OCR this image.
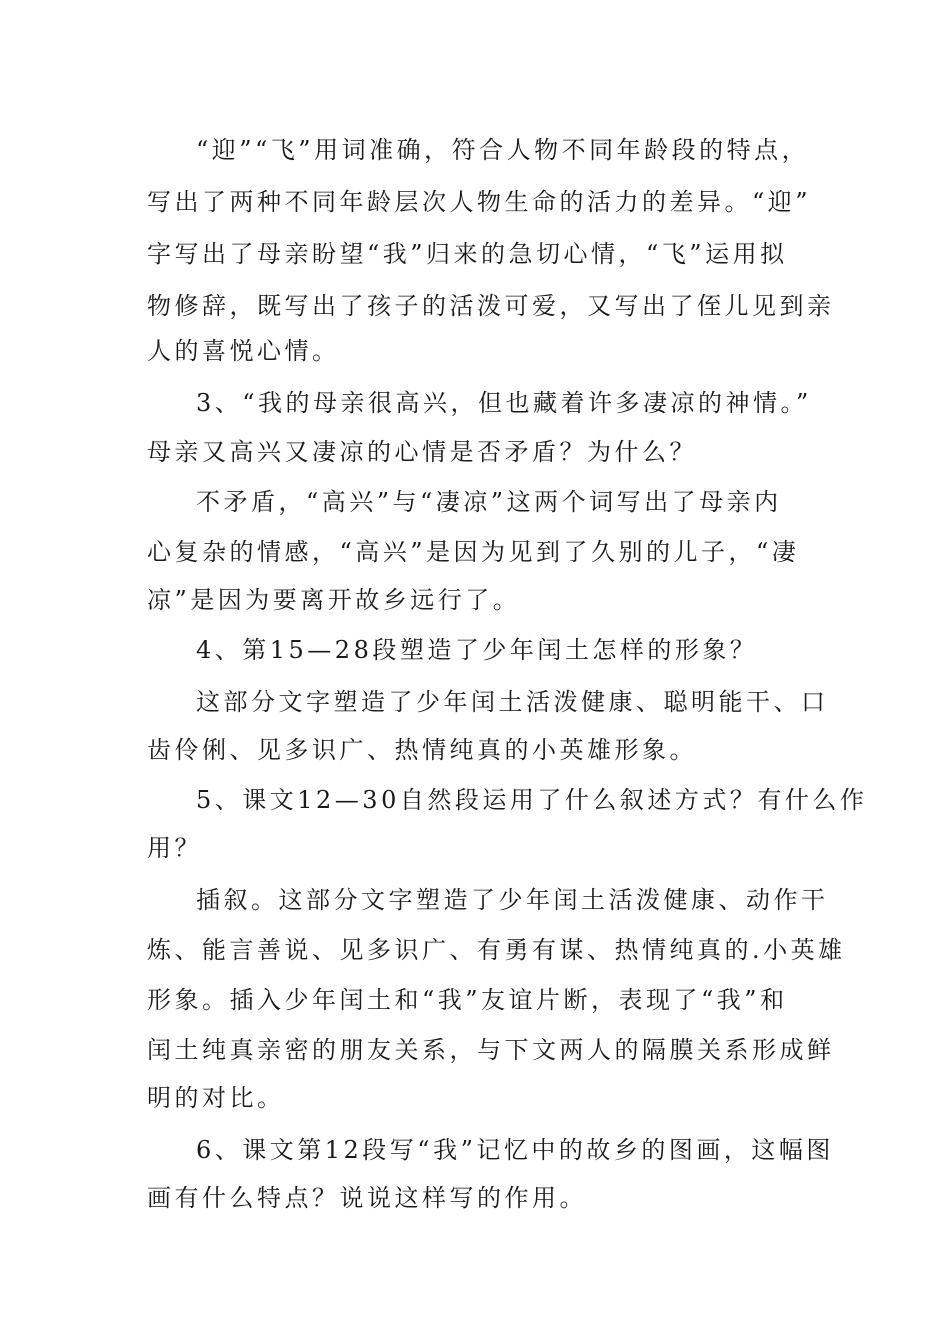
“迎”“飞”用词准确，符合人物不同年龄段的特点，
写出了两种不同年龄层次人物生命的活力的差异。“迎”
字写出了母亲盼望“我”归来的急切心情，“飞”运用拟
物修辞，既写出了孩子的活泼可爱，又写出了侄儿见到亲
人的喜悦心情。
3、“我的母亲很高兴，但也藏着许多凄凉的神情。”
母亲又高兴又凄凉的心情是否矛盾？为什么？
不矛盾，“高兴”与“凄凉”这两个词写出了母亲内
心复杂的情感，“高兴”是因为见到了久别的儿子，“凄
凉”是因为要离开故乡远行了。
4、第15—28段塑造了少年闰土怎样的形象？
这部分文字塑造了少年闰土活泼健康、聪明能干、口
齿伶俐、见多识广、热情纯真的小英雄形象。
5、课文12—30自然段运用了什么叙述方式？有什么作
用？
插叙。这部分文字塑造了少年闰土活泼健康、动作干
炼、能言善说、见多识广、有勇有谋、热情纯真的.小英雄
形象。插入少年闰土和“我”友谊片断，表现了“我”和
闰土纯真亲密的朋友关系，与下文两人的隔膜关系形成鲜
明的对比。
6、课文第12段写“我”记忆中的故乡的图画，这幅图
画有什么特点？说说这样写的作用。
